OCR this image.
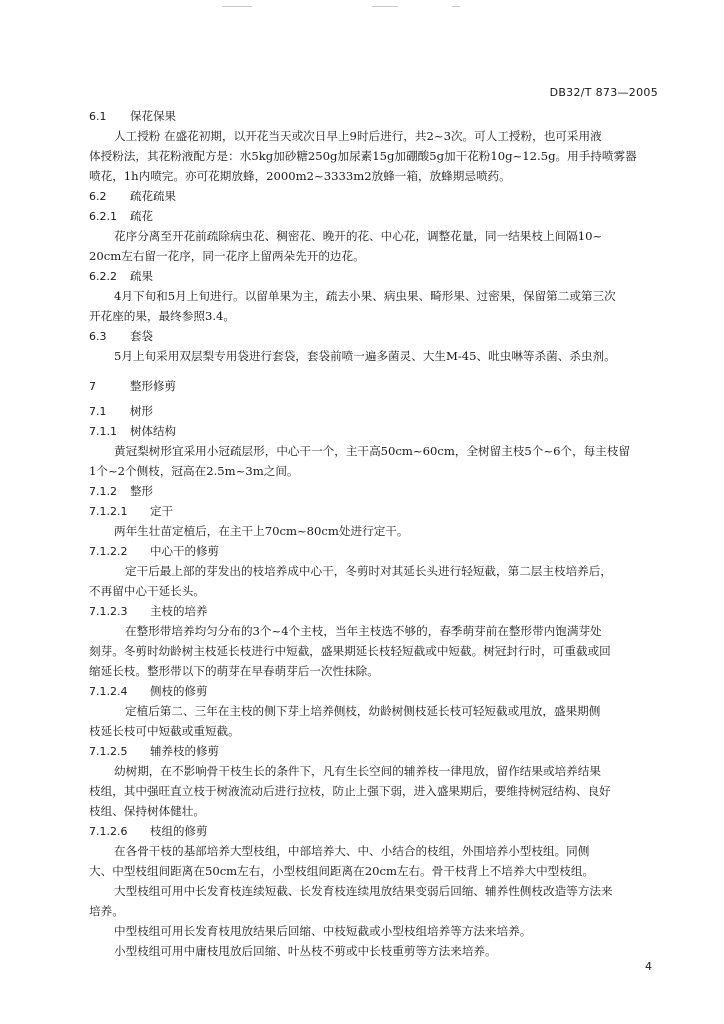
DB32/T 873—2005
6.1 保花保果
人工授粉 在盛花初期，以开花当天或次日早上9时后进行，共2~3次。可人工授粉，也可采用液
体授粉法，其花粉液配方是：水5kg加砂糖250g加尿素15g加硼酸5g加干花粉10g~12.5g。用手持喷雾器
喷花，1h内喷完。亦可花期放蜂，2000m2~3333m2放蜂一箱，放蜂期忌喷药。
6.2 疏花疏果
6.2.1 疏花
花序分离至开花前疏除病虫花、稠密花、晚开的花、中心花，调整花量，同一结果枝上间隔10~
20cm左右留一花序，同一花序上留两朵先开的边花。
6.2.2 疏果
4月下旬和5月上旬进行。以留单果为主，疏去小果、病虫果、畸形果、过密果，保留第二或第三次
开花座的果，最终参照3.4。
6.3 套袋
5月上旬采用双层梨专用袋进行套袋，套袋前喷一遍多菌灵、大生M-45、吡虫啉等杀菌、杀虫剂。
7	整形修剪
7.1 树形
7.1.1 树体结构
黄冠梨树形宜采用小冠疏层形，中心干一个，主干高50cm~60cm，全树留主枝5个~6个，每主枝留
1个~2个侧枝，冠高在2.5m~3m之间。
7.1.2 整形
7.1.2.1 定干
两年生壮苗定植后，在主干上70cm~80cm处进行定干。
7.1.2.2 中心干的修剪
定干后最上部的芽发出的枝培养成中心干，冬剪时对其延长头进行轻短截，第二层主枝培养后，
不再留中心干延长头。
7.1.2.3 主枝的培养
在整形带培养均匀分布的3个~4个主枝，当年主枝选不够的，春季萌芽前在整形带内饱满芽处
刻芽。冬剪时幼龄树主枝延长枝进行中短截，盛果期延长枝轻短截或中短截。树冠封行时，可重截或回
缩延长枝。整形带以下的萌芽在早春萌芽后一次性抹除。
7.1.2.4 侧枝的修剪
定植后第二、三年在主枝的侧下芽上培养侧枝，幼龄树侧枝延长枝可轻短截或甩放，盛果期侧
枝延长枝可中短截或重短截。
7.1.2.5 辅养枝的修剪
幼树期，在不影响骨干枝生长的条件下，凡有生长空间的辅养枝一律甩放，留作结果或培养结果
枝组，其中强旺直立枝于树液流动后进行拉枝，防止上强下弱，进入盛果期后，要维持树冠结构、良好
枝组、保持树体健壮。
7.1.2.6 枝组的修剪
在各骨干枝的基部培养大型枝组，中部培养大、中、小结合的枝组，外围培养小型枝组。同侧
大、中型枝组间距离在50cm左右，小型枝组间距离在20cm左右。骨干枝背上不培养大中型枝组。
大型枝组可用中长发育枝连续短截、长发育枝连续甩放结果变弱后回缩、辅养性侧枝改造等方法来
培养。
中型枝组可用长发育枝甩放结果后回缩、中枝短截或小型枝组培养等方法来培养。
小型枝组可用中庸枝甩放后回缩、叶丛枝不剪或中长枝重剪等方法来培养。
4
